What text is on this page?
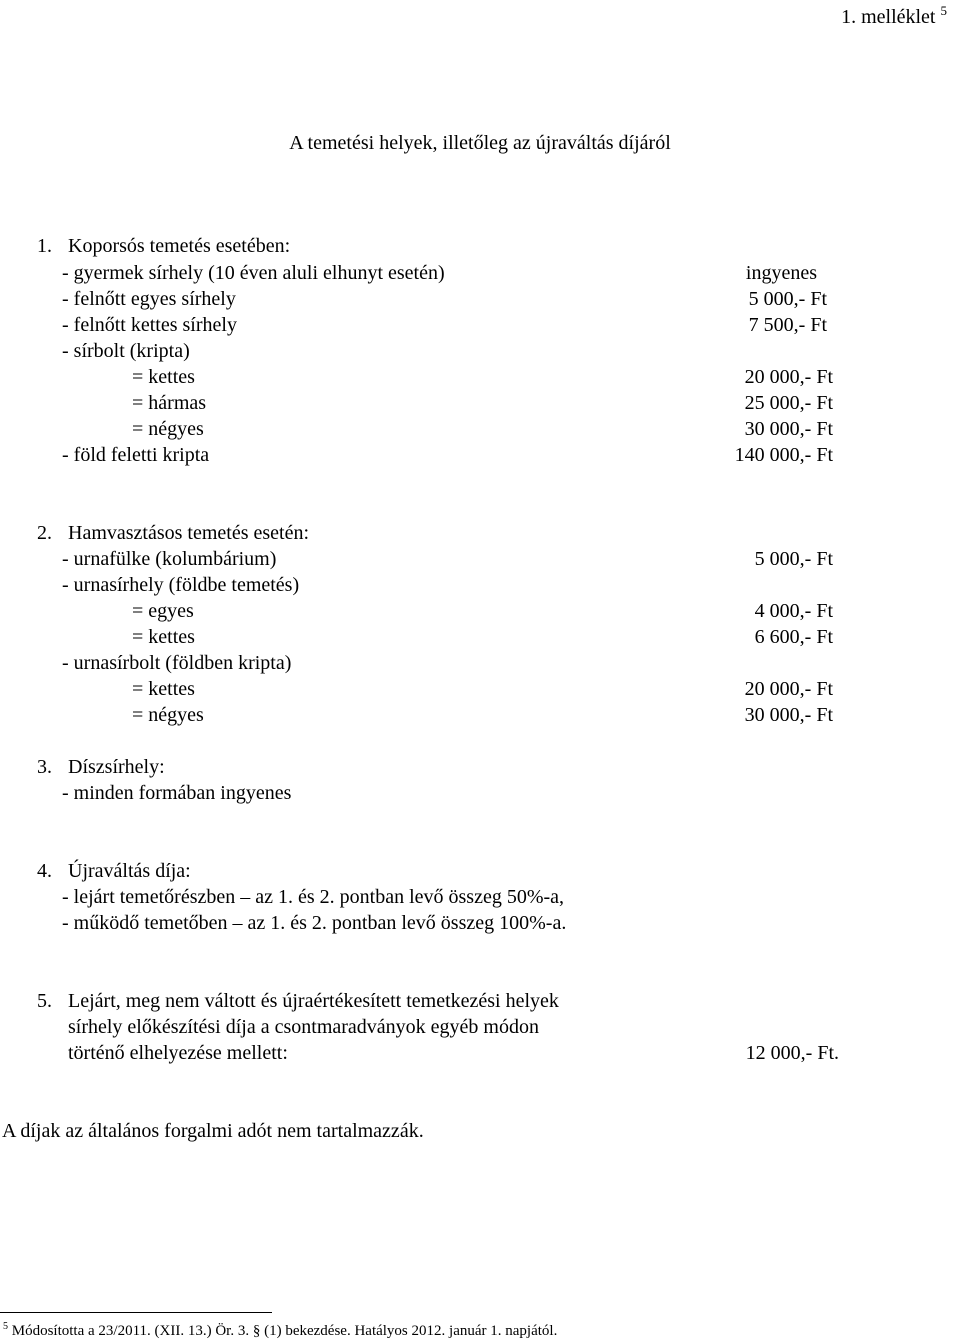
1. melléklet $^5$
A temetési helyek, illetőleg az újraváltás díjáról
1. Koporsós temetés esetében:
- gyermek sírhely (10 éven aluli elhunyt esetén)	ingyenes
- felnőtt egyes sírhely	5 000,- Ft
- felnőtt kettes sírhely	7 500,- Ft
- sírbolt (kripta)
= kettes	20 000,- Ft
= hármas	25 000,- Ft
= négyes	30 000,- Ft
- föld feletti kripta	140 000,- Ft
2. Hamvasztásos temetés esetén:
- urnafülke (kolumbárium)	5 000,- Ft
- urnasírhely (földbe temetés)
= egyes	4 000,- Ft
= kettes	6 600,- Ft
- urnasírbolt (földben kripta)
= kettes	20 000,- Ft
= négyes	30 000,- Ft
3. Díszsírhely:
- minden formában ingyenes
4. Újraváltás díja:
- lejárt temetőrészben – az 1. és 2. pontban levő összeg 50%-a,
- működő temetőben – az 1. és 2. pontban levő összeg 100%-a.
5. Lejárt, meg nem váltott és újraértékesített temetkezési helyek
sírhely előkészítési díja a csontmaradványok egyéb módon
történő elhelyezése mellett:	12 000,- Ft.
A díjak az általános forgalmi adót nem tartalmazzák.
$^5$ Módosította a 23/2011. (XII. 13.) Ör. 3. § (1) bekezdése. Hatályos 2012. január 1. napjától.
